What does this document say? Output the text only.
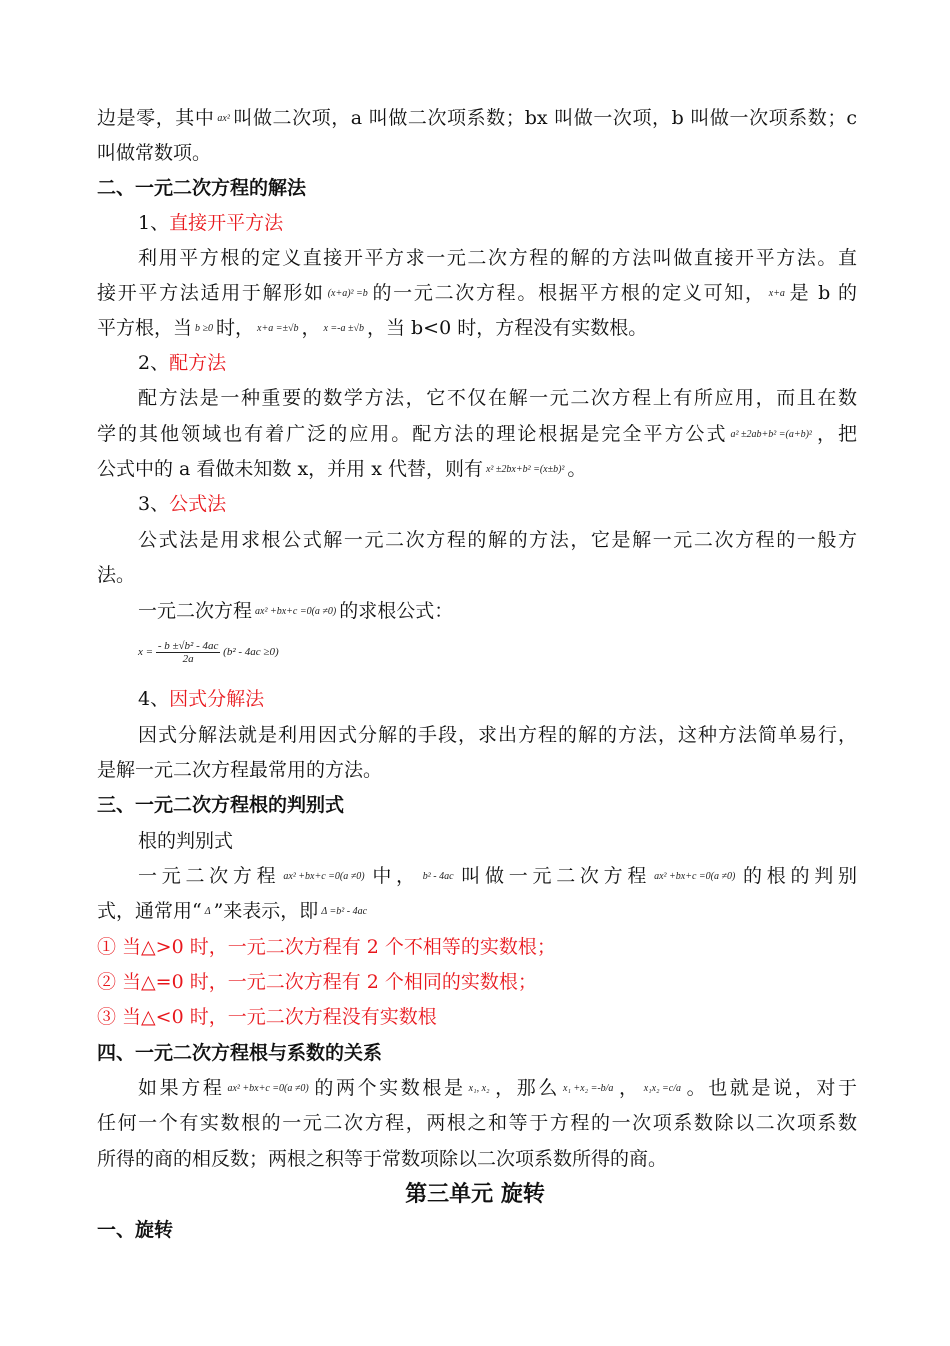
边是零，其中 ax² 叫做二次项，a 叫做二次项系数；bx 叫做一次项，b 叫做一次项系数；c
叫做常数项。
二、一元二次方程的解法
1、直接开平方法
利用平方根的定义直接开平方求一元二次方程的解的方法叫做直接开平方法。直
接开平方法适用于解形如 (x+a)² =b 的一元二次方程。根据平方根的定义可知， x+a 是 b 的
平方根，当 b ≥0 时， x+a =±√b ， x =-a ±√b ，当 b<0 时，方程没有实数根。
2、配方法
配方法是一种重要的数学方法，它不仅在解一元二次方程上有所应用，而且在数
学的其他领域也有着广泛的应用。配方法的理论根据是完全平方公式 a² ±2ab+b² =(a+b)² ，把
公式中的 a 看做未知数 x，并用 x 代替，则有 x² ±2bx+b² =(x±b)² 。
3、公式法
公式法是用求根公式解一元二次方程的解的方法，它是解一元二次方程的一般方
法。
一元二次方程 ax² +bx+c =0(a ≠0) 的求根公式：
$x = \frac{\text{- b ±√b² - 4ac}}{2a} (b^2 - 4ac \ge 0)$
4、因式分解法
因式分解法就是利用因式分解的手段，求出方程的解的方法，这种方法简单易行，
是解一元二次方程最常用的方法。
三、一元二次方程根的判别式
根的判别式
一元二次方程 ax² +bx+c =0(a ≠0) 中， b² - 4ac 叫做一元二次方程 ax² +bx+c =0(a ≠0) 的根的判别
式，通常用“ Δ ”来表示，即 Δ =b² - 4ac
① 当△>0 时，一元二次方程有 2 个不相等的实数根；
② 当△=0 时，一元二次方程有 2 个相同的实数根；
③ 当△<0 时，一元二次方程没有实数根
四、一元二次方程根与系数的关系
如果方程 ax² +bx+c =0(a ≠0) 的两个实数根是 x₁, x₂ ，那么 x₁ +x₂ =-b/a ， x₁x₂ =c/a 。也就是说，对于
任何一个有实数根的一元二次方程，两根之和等于方程的一次项系数除以二次项系数
所得的商的相反数；两根之积等于常数项除以二次项系数所得的商。
第三单元 旋转
一、旋转
